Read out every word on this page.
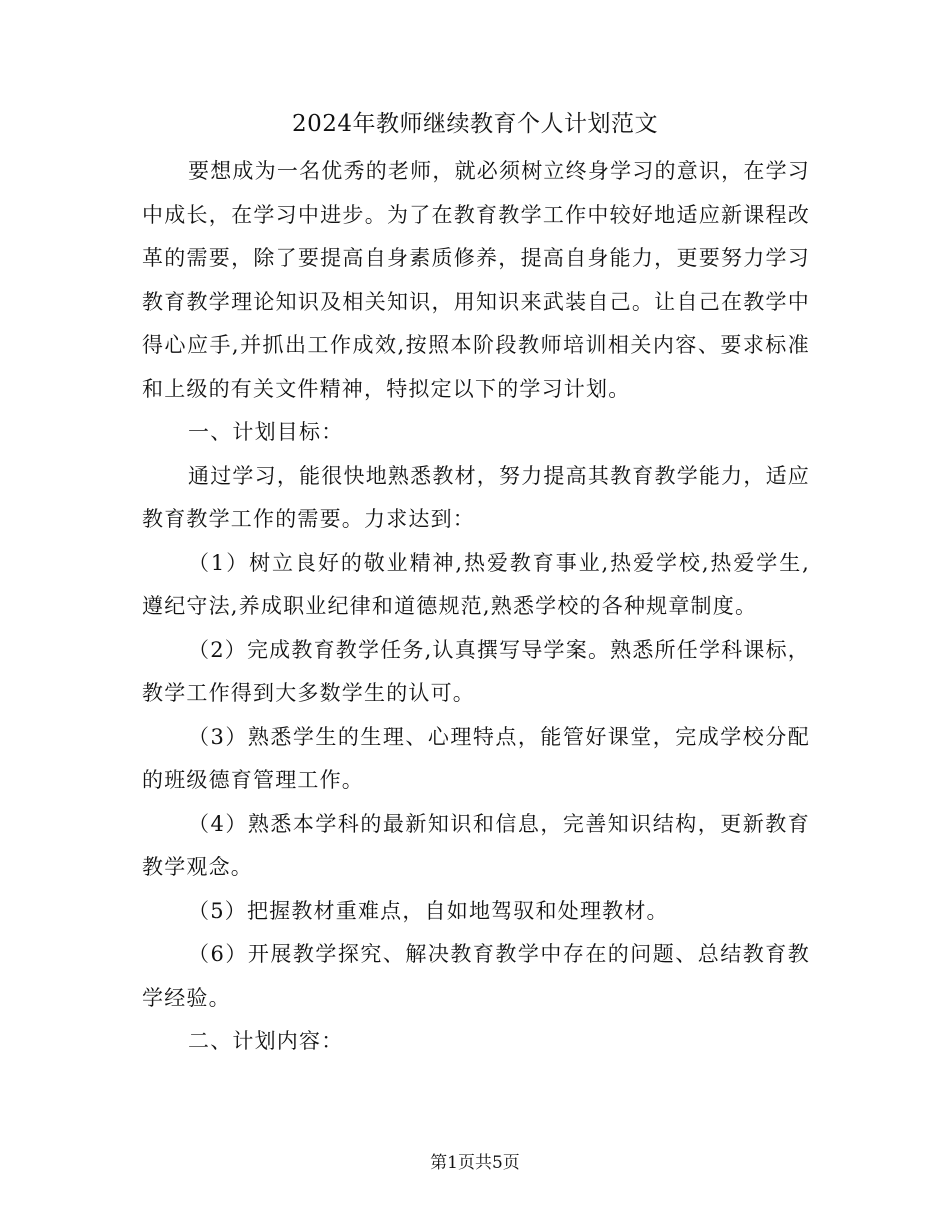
2024年教师继续教育个人计划范文

要想成为一名优秀的老师，就必须树立终身学习的意识，在学习中成长，在学习中进步。为了在教育教学工作中较好地适应新课程改革的需要，除了要提高自身素质修养，提高自身能力，更要努力学习教育教学理论知识及相关知识，用知识来武装自己。让自己在教学中得心应手,并抓出工作成效,按照本阶段教师培训相关内容、要求标准和上级的有关文件精神，特拟定以下的学习计划。

一、计划目标：

通过学习，能很快地熟悉教材，努力提高其教育教学能力，适应教育教学工作的需要。力求达到：

（1）树立良好的敬业精神,热爱教育事业,热爱学校,热爱学生,遵纪守法,养成职业纪律和道德规范,熟悉学校的各种规章制度。

（2）完成教育教学任务,认真撰写导学案。熟悉所任学科课标，教学工作得到大多数学生的认可。

（3）熟悉学生的生理、心理特点，能管好课堂，完成学校分配的班级德育管理工作。

（4）熟悉本学科的最新知识和信息，完善知识结构，更新教育教学观念。

（5）把握教材重难点，自如地驾驭和处理教材。

（6）开展教学探究、解决教育教学中存在的问题、总结教育教学经验。

二、计划内容：

第1页共5页
